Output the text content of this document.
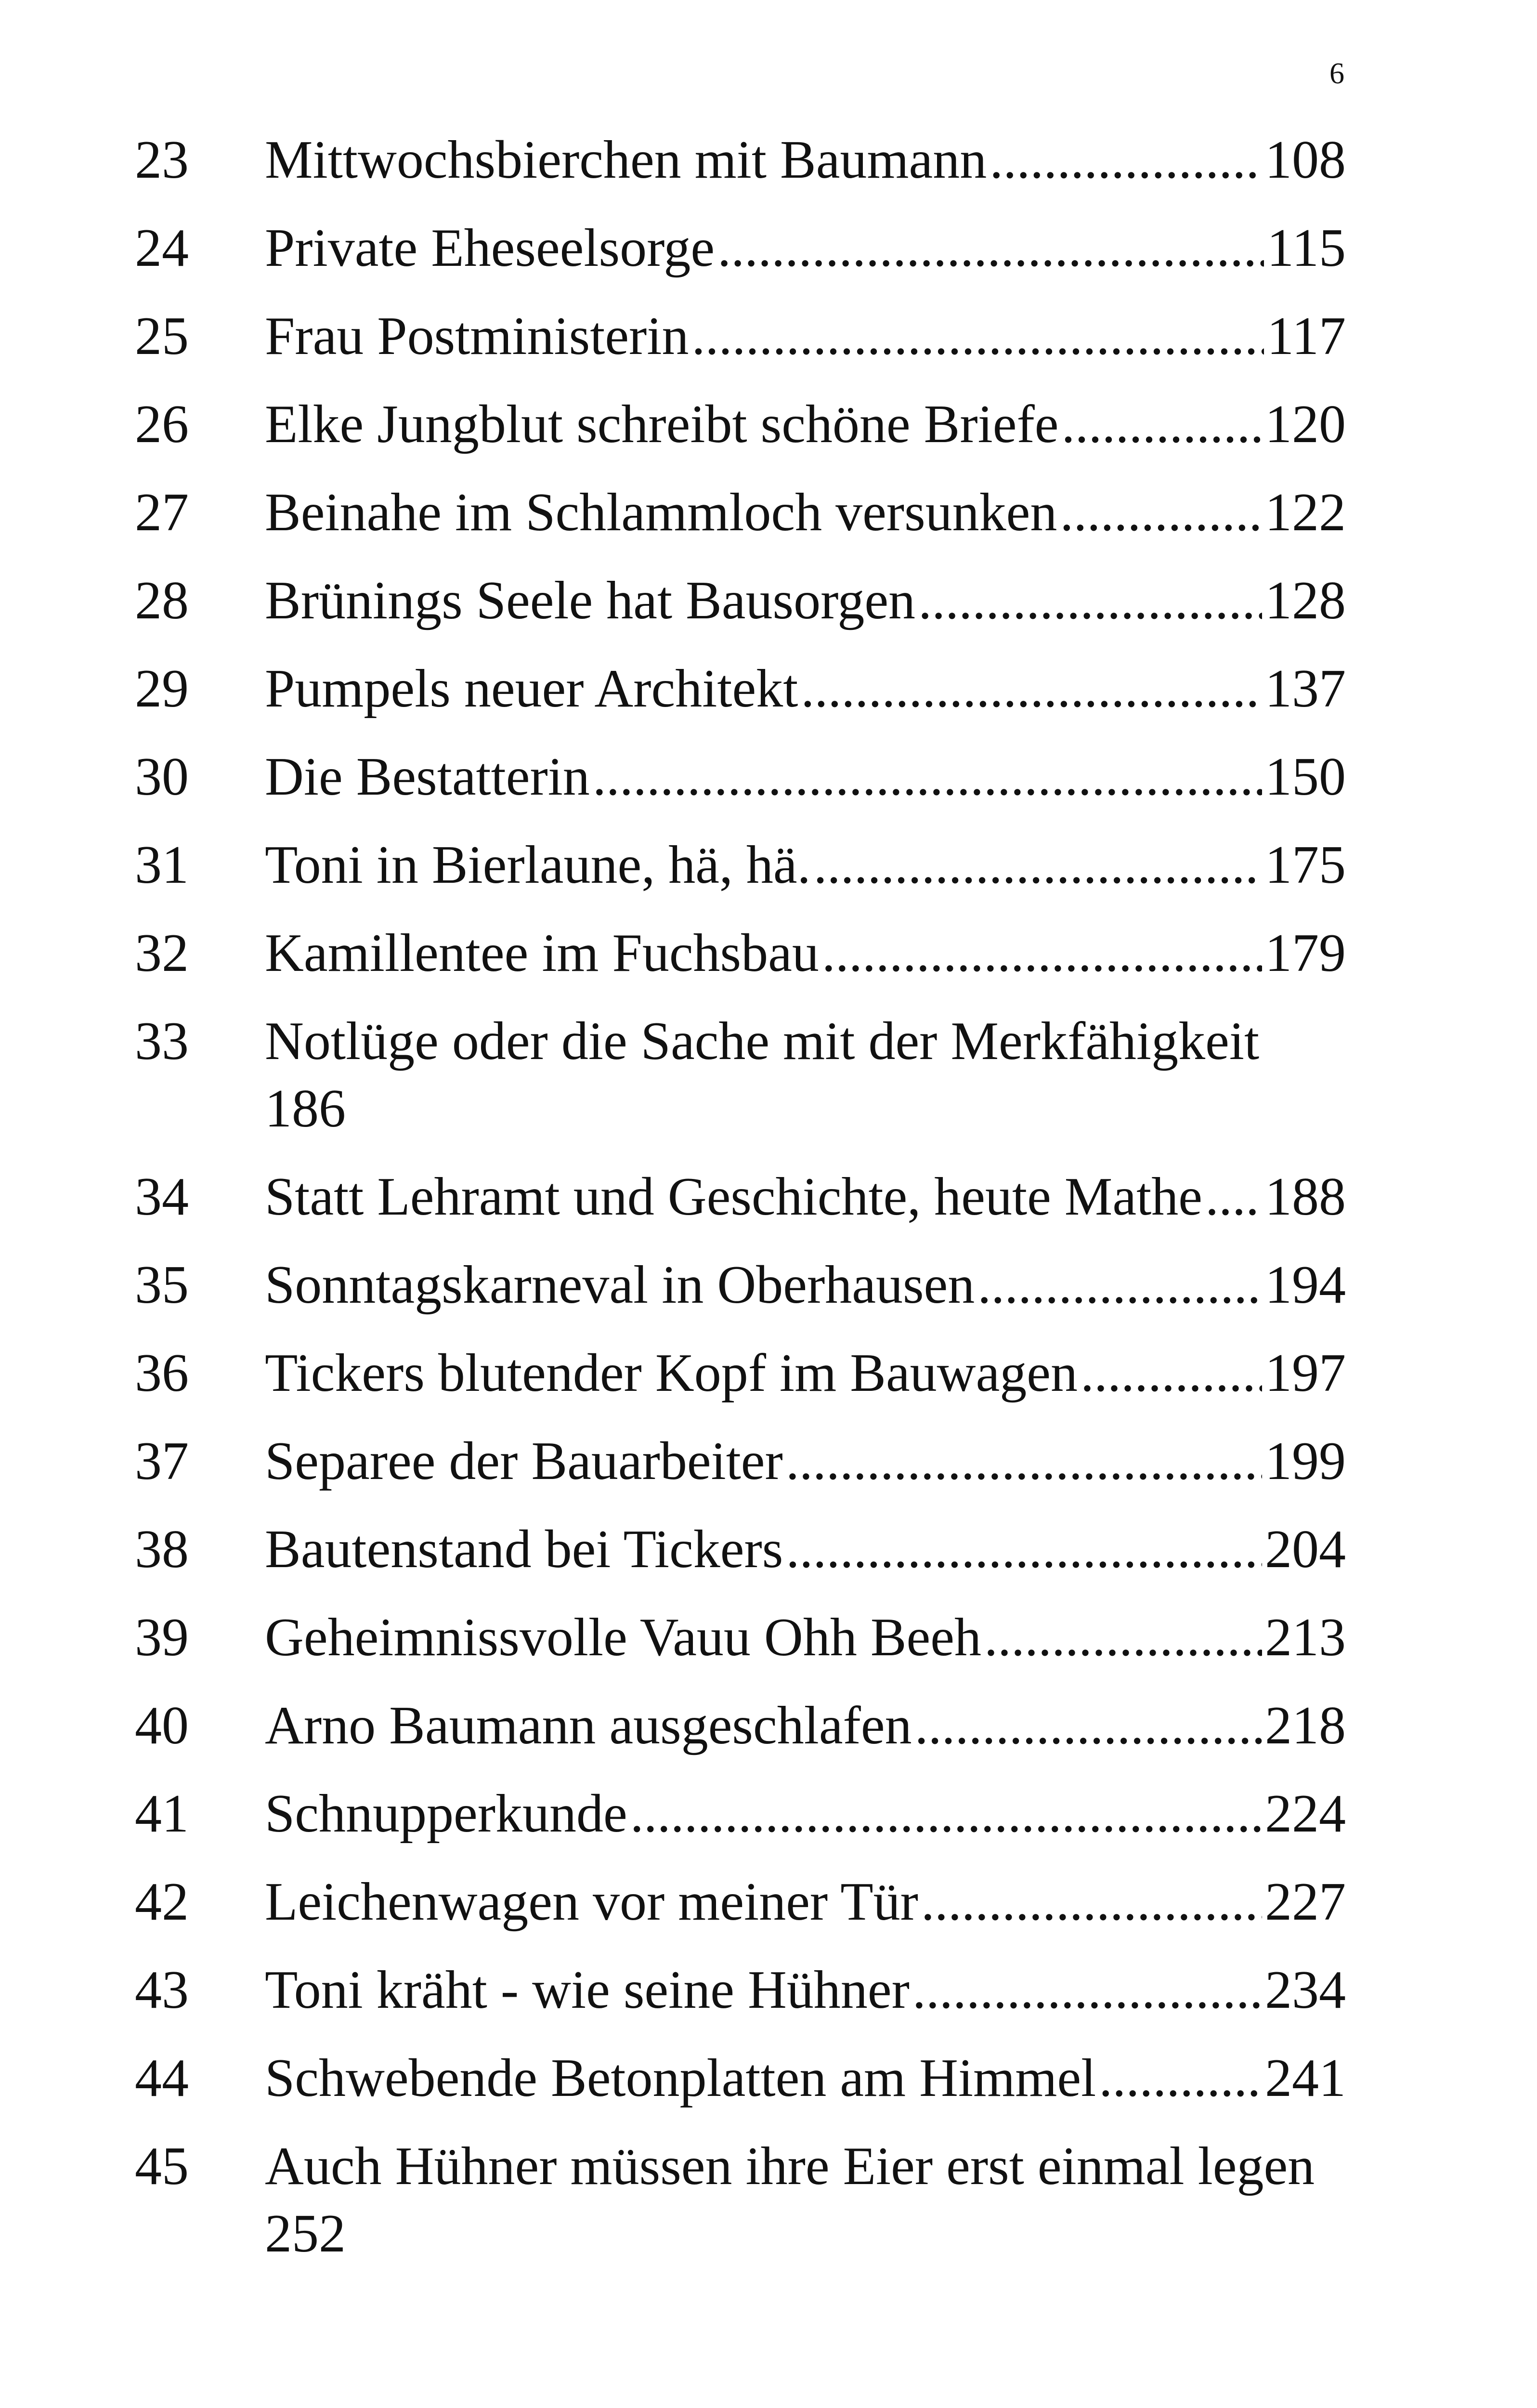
6
23	Mittwochsbierchen mit Baumann .....	108
24	Private Eheseelsorge .....	115
25	Frau Postministerin .....	117
26	Elke Jungblut schreibt schöne Briefe .....	120
27	Beinahe im Schlammloch versunken .....	122
28	Brünings Seele hat Bausorgen .....	128
29	Pumpels neuer Architekt .....	137
30	Die Bestatterin .....	150
31	Toni in Bierlaune, hä, hä. .....	175
32	Kamillentee im Fuchsbau .....	179
33	Notlüge oder die Sache mit der Merkfähigkeit
186
34	Statt Lehramt und Geschichte, heute Mathe ..... 188
35	Sonntagskarneval in Oberhausen .....	194
36	Tickers blutender Kopf im Bauwagen .....	197
37	Separee der Bauarbeiter .....	199
38	Bautenstand bei Tickers .....	204
39	Geheimnissvolle Vauu Ohh Beeh .....	213
40	Arno Baumann ausgeschlafen .....	218
41	Schnupperkunde .....	224
42	Leichenwagen vor meiner Tür .....	227
43	Toni kräht - wie seine Hühner .....	234
44	Schwebende Betonplatten am Himmel .....	241
45	Auch Hühner müssen ihre Eier erst einmal legen
252
